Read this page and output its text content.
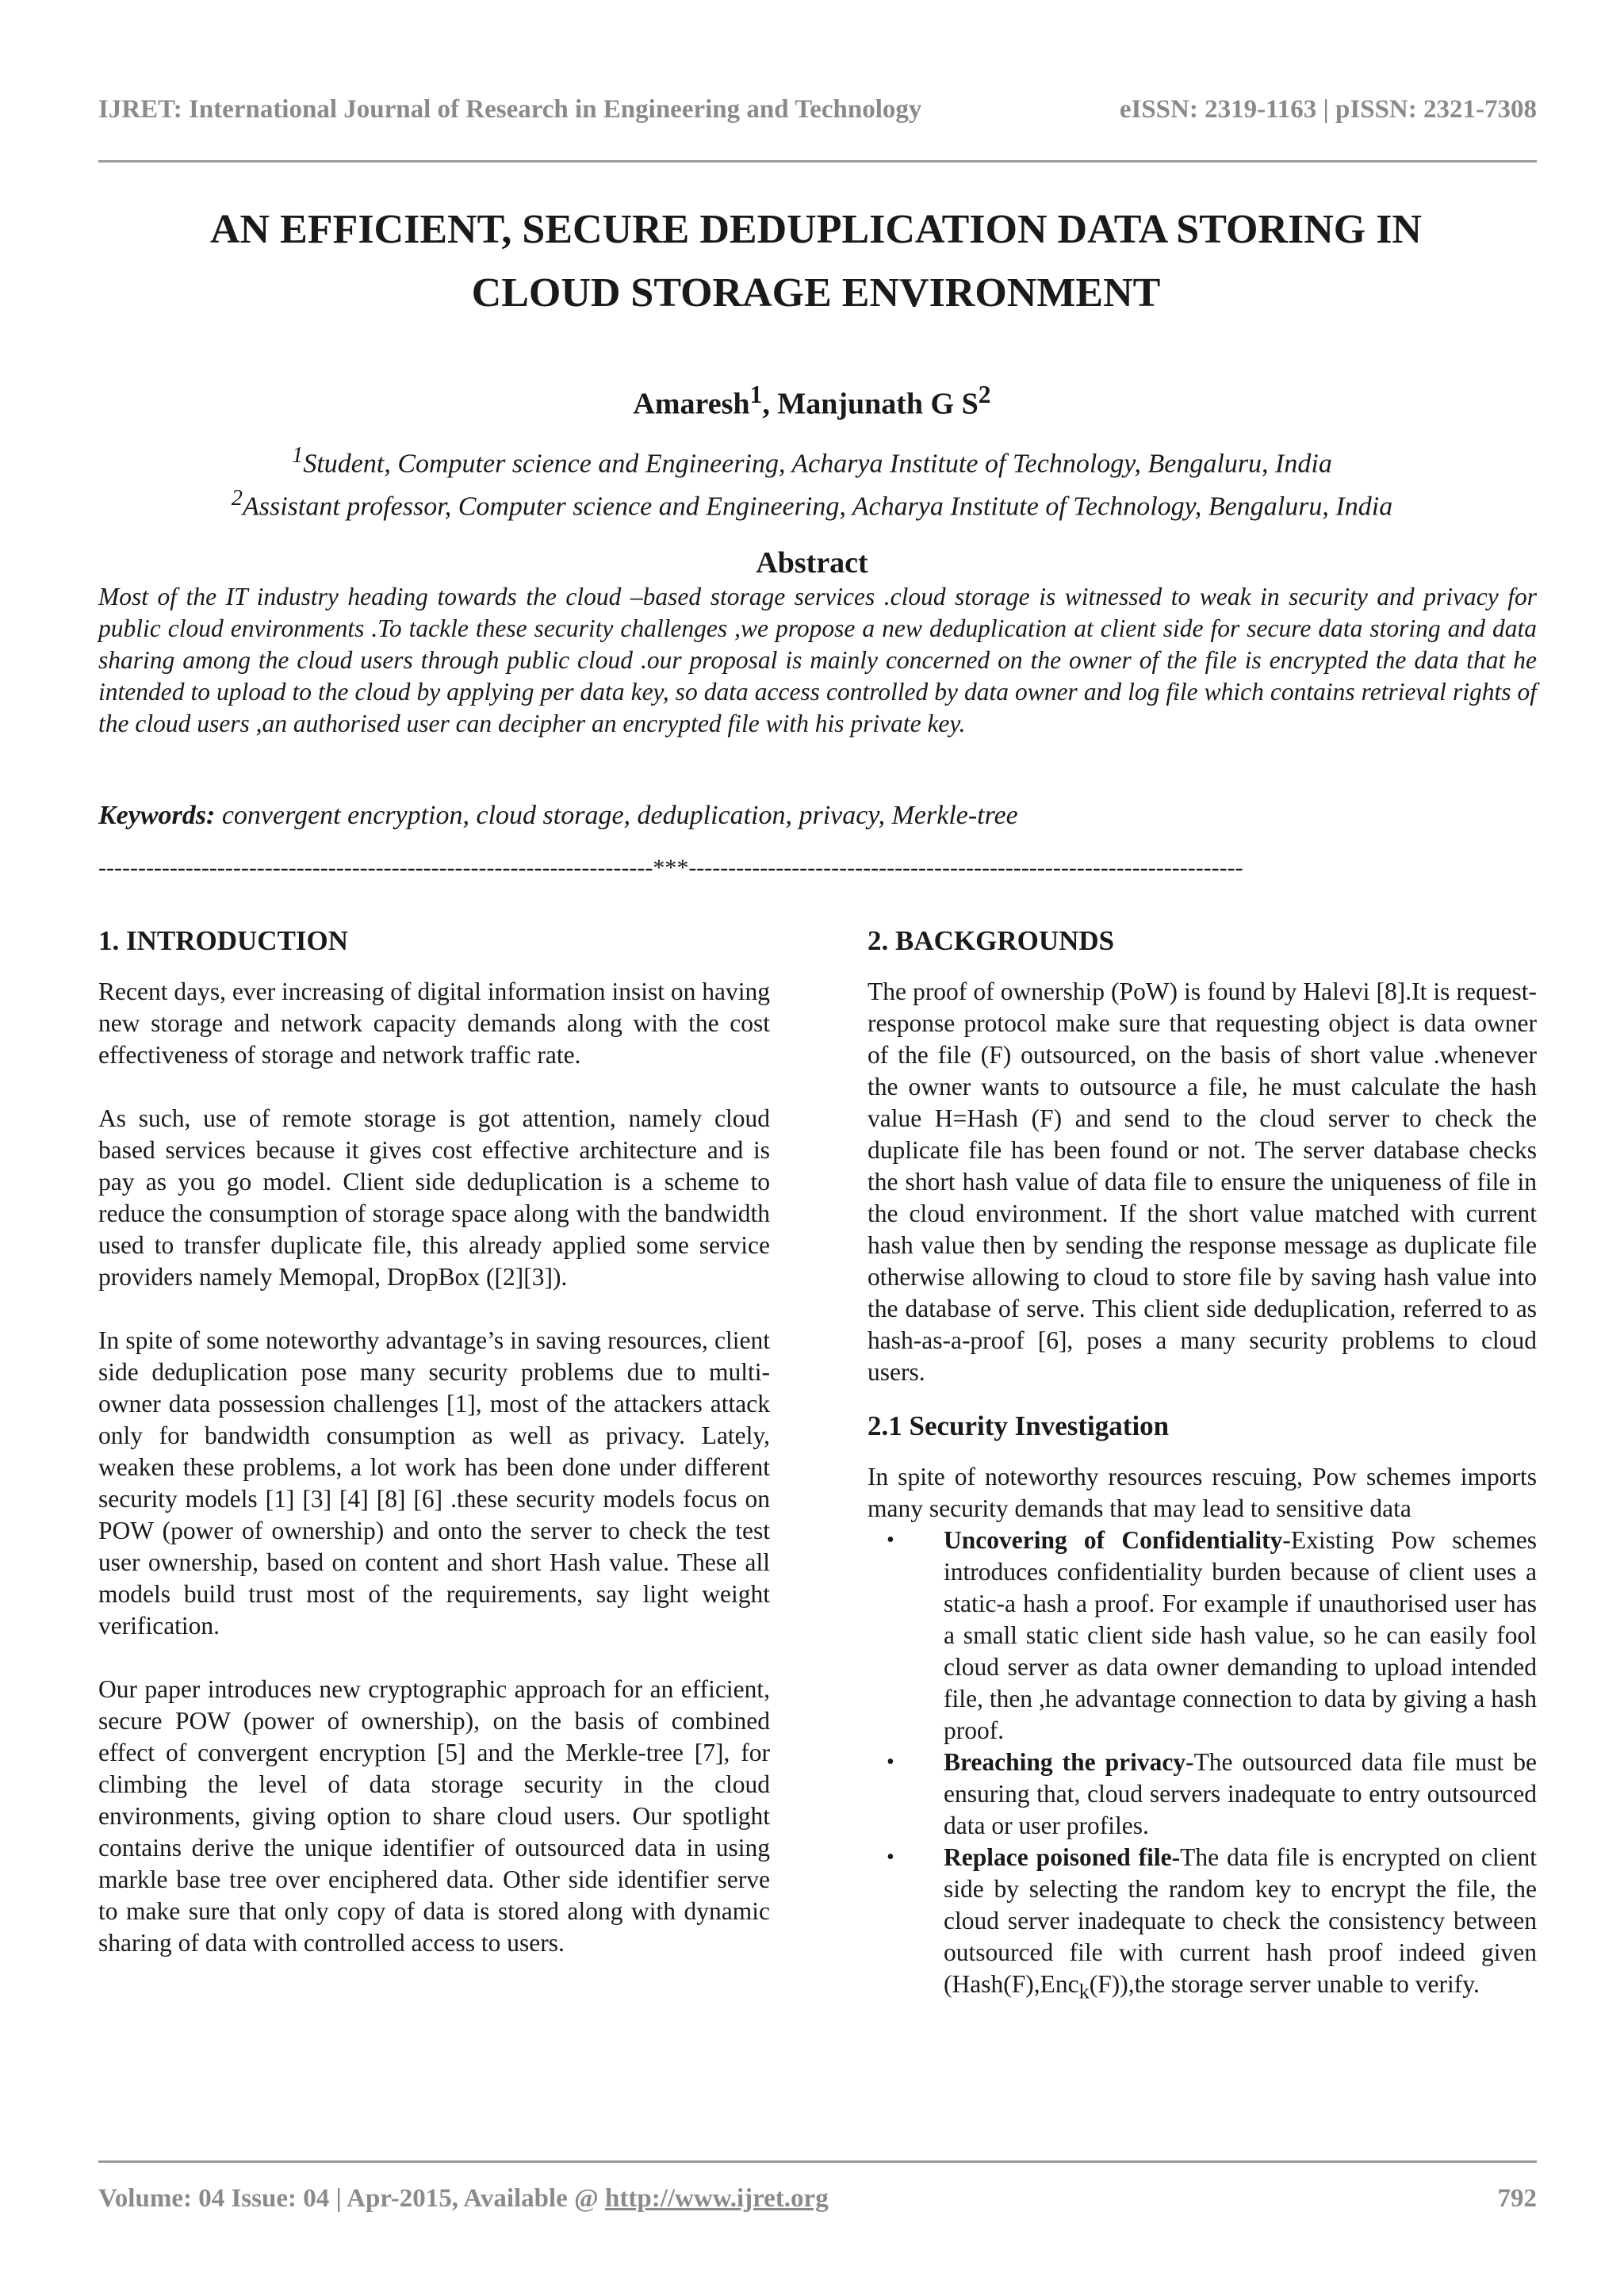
IJRET: International Journal of Research in Engineering and Technology	eISSN: 2319-1163 | pISSN: 2321-7308
AN EFFICIENT, SECURE DEDUPLICATION DATA STORING IN
CLOUD STORAGE ENVIRONMENT
Amaresh$^1$, Manjunath G $S^2$
$^1$Student, Computer science and Engineering, Acharya Institute of Technology, Bengaluru, India
$^2$Assistant professor, Computer science and Engineering, Acharya Institute of Technology, Bengaluru, India
Abstract
Most of the IT industry heading towards the cloud –based storage services .cloud storage is witnessed to weak in security and privacy for public cloud environments .To tackle these security challenges ,we propose a new deduplication at client side for secure data storing and data sharing among the cloud users through public cloud .our proposal is mainly concerned on the owner of the file is encrypted the data that he intended to upload to the cloud by applying per data key, so data access controlled by data owner and log file which contains retrieval rights of the cloud users ,an authorised user can decipher an encrypted file with his private key.
Keywords: convergent encryption, cloud storage, deduplication, privacy, Merkle-tree
----------------------------------------------------------------------***----------------------------------------------------------------------
1. INTRODUCTION

Recent days, ever increasing of digital information insist on having new storage and network capacity demands along with the cost effectiveness of storage and network traffic rate.

As such, use of remote storage is got attention, namely cloud based services because it gives cost effective architecture and is pay as you go model. Client side deduplication is a scheme to reduce the consumption of storage space along with the bandwidth used to transfer duplicate file, this already applied some service providers namely Memopal, DropBox ([2][3]).

In spite of some noteworthy advantage’s in saving resources, client side deduplication pose many security problems due to multi-owner data possession challenges [1], most of the attackers attack only for bandwidth consumption as well as privacy. Lately, weaken these problems, a lot work has been done under different security models [1] [3] [4] [8] [6] .these security models focus on POW (power of ownership) and onto the server to check the test user ownership, based on content and short Hash value. These all models build trust most of the requirements, say light weight verification.

Our paper introduces new cryptographic approach for an efficient, secure POW (power of ownership), on the basis of combined effect of convergent encryption [5] and the Merkle-tree [7], for climbing the level of data storage security in the cloud environments, giving option to share cloud users. Our spotlight contains derive the unique identifier of outsourced data in using markle base tree over enciphered data. Other side identifier serve to make sure that only copy of data is stored along with dynamic sharing of data with controlled access to users.

2. BACKGROUNDS

The proof of ownership (PoW) is found by Halevi [8].It is request-response protocol make sure that requesting object is data owner of the file (F) outsourced, on the basis of short value .whenever the owner wants to outsource a file, he must calculate the hash value H=Hash (F) and send to the cloud server to check the duplicate file has been found or not. The server database checks the short hash value of data file to ensure the uniqueness of file in the cloud environment. If the short value matched with current hash value then by sending the response message as duplicate file otherwise allowing to cloud to store file by saving hash value into the database of serve. This client side deduplication, referred to as hash-as-a-proof [6], poses a many security problems to cloud users.

2.1 Security Investigation

In spite of noteworthy resources rescuing, Pow schemes imports many security demands that may lead to sensitive data

• Uncovering of Confidentiality-Existing Pow schemes introduces confidentiality burden because of client uses a static-a hash a proof. For example if unauthorised user has a small static client side hash value, so he can easily fool cloud server as data owner demanding to upload intended file, then ,he advantage connection to data by giving a hash proof.
• Breaching the privacy-The outsourced data file must be ensuring that, cloud servers inadequate to entry outsourced data or user profiles.
• Replace poisoned file-The data file is encrypted on client side by selecting the random key to encrypt the file, the cloud server inadequate to check the consistency between outsourced file with current hash proof indeed given (Hash(F),Enc$_k$(F)),the storage server unable to verify.
Volume: 04 Issue: 04 | Apr-2015, Available @ http://www.ijret.org	792
